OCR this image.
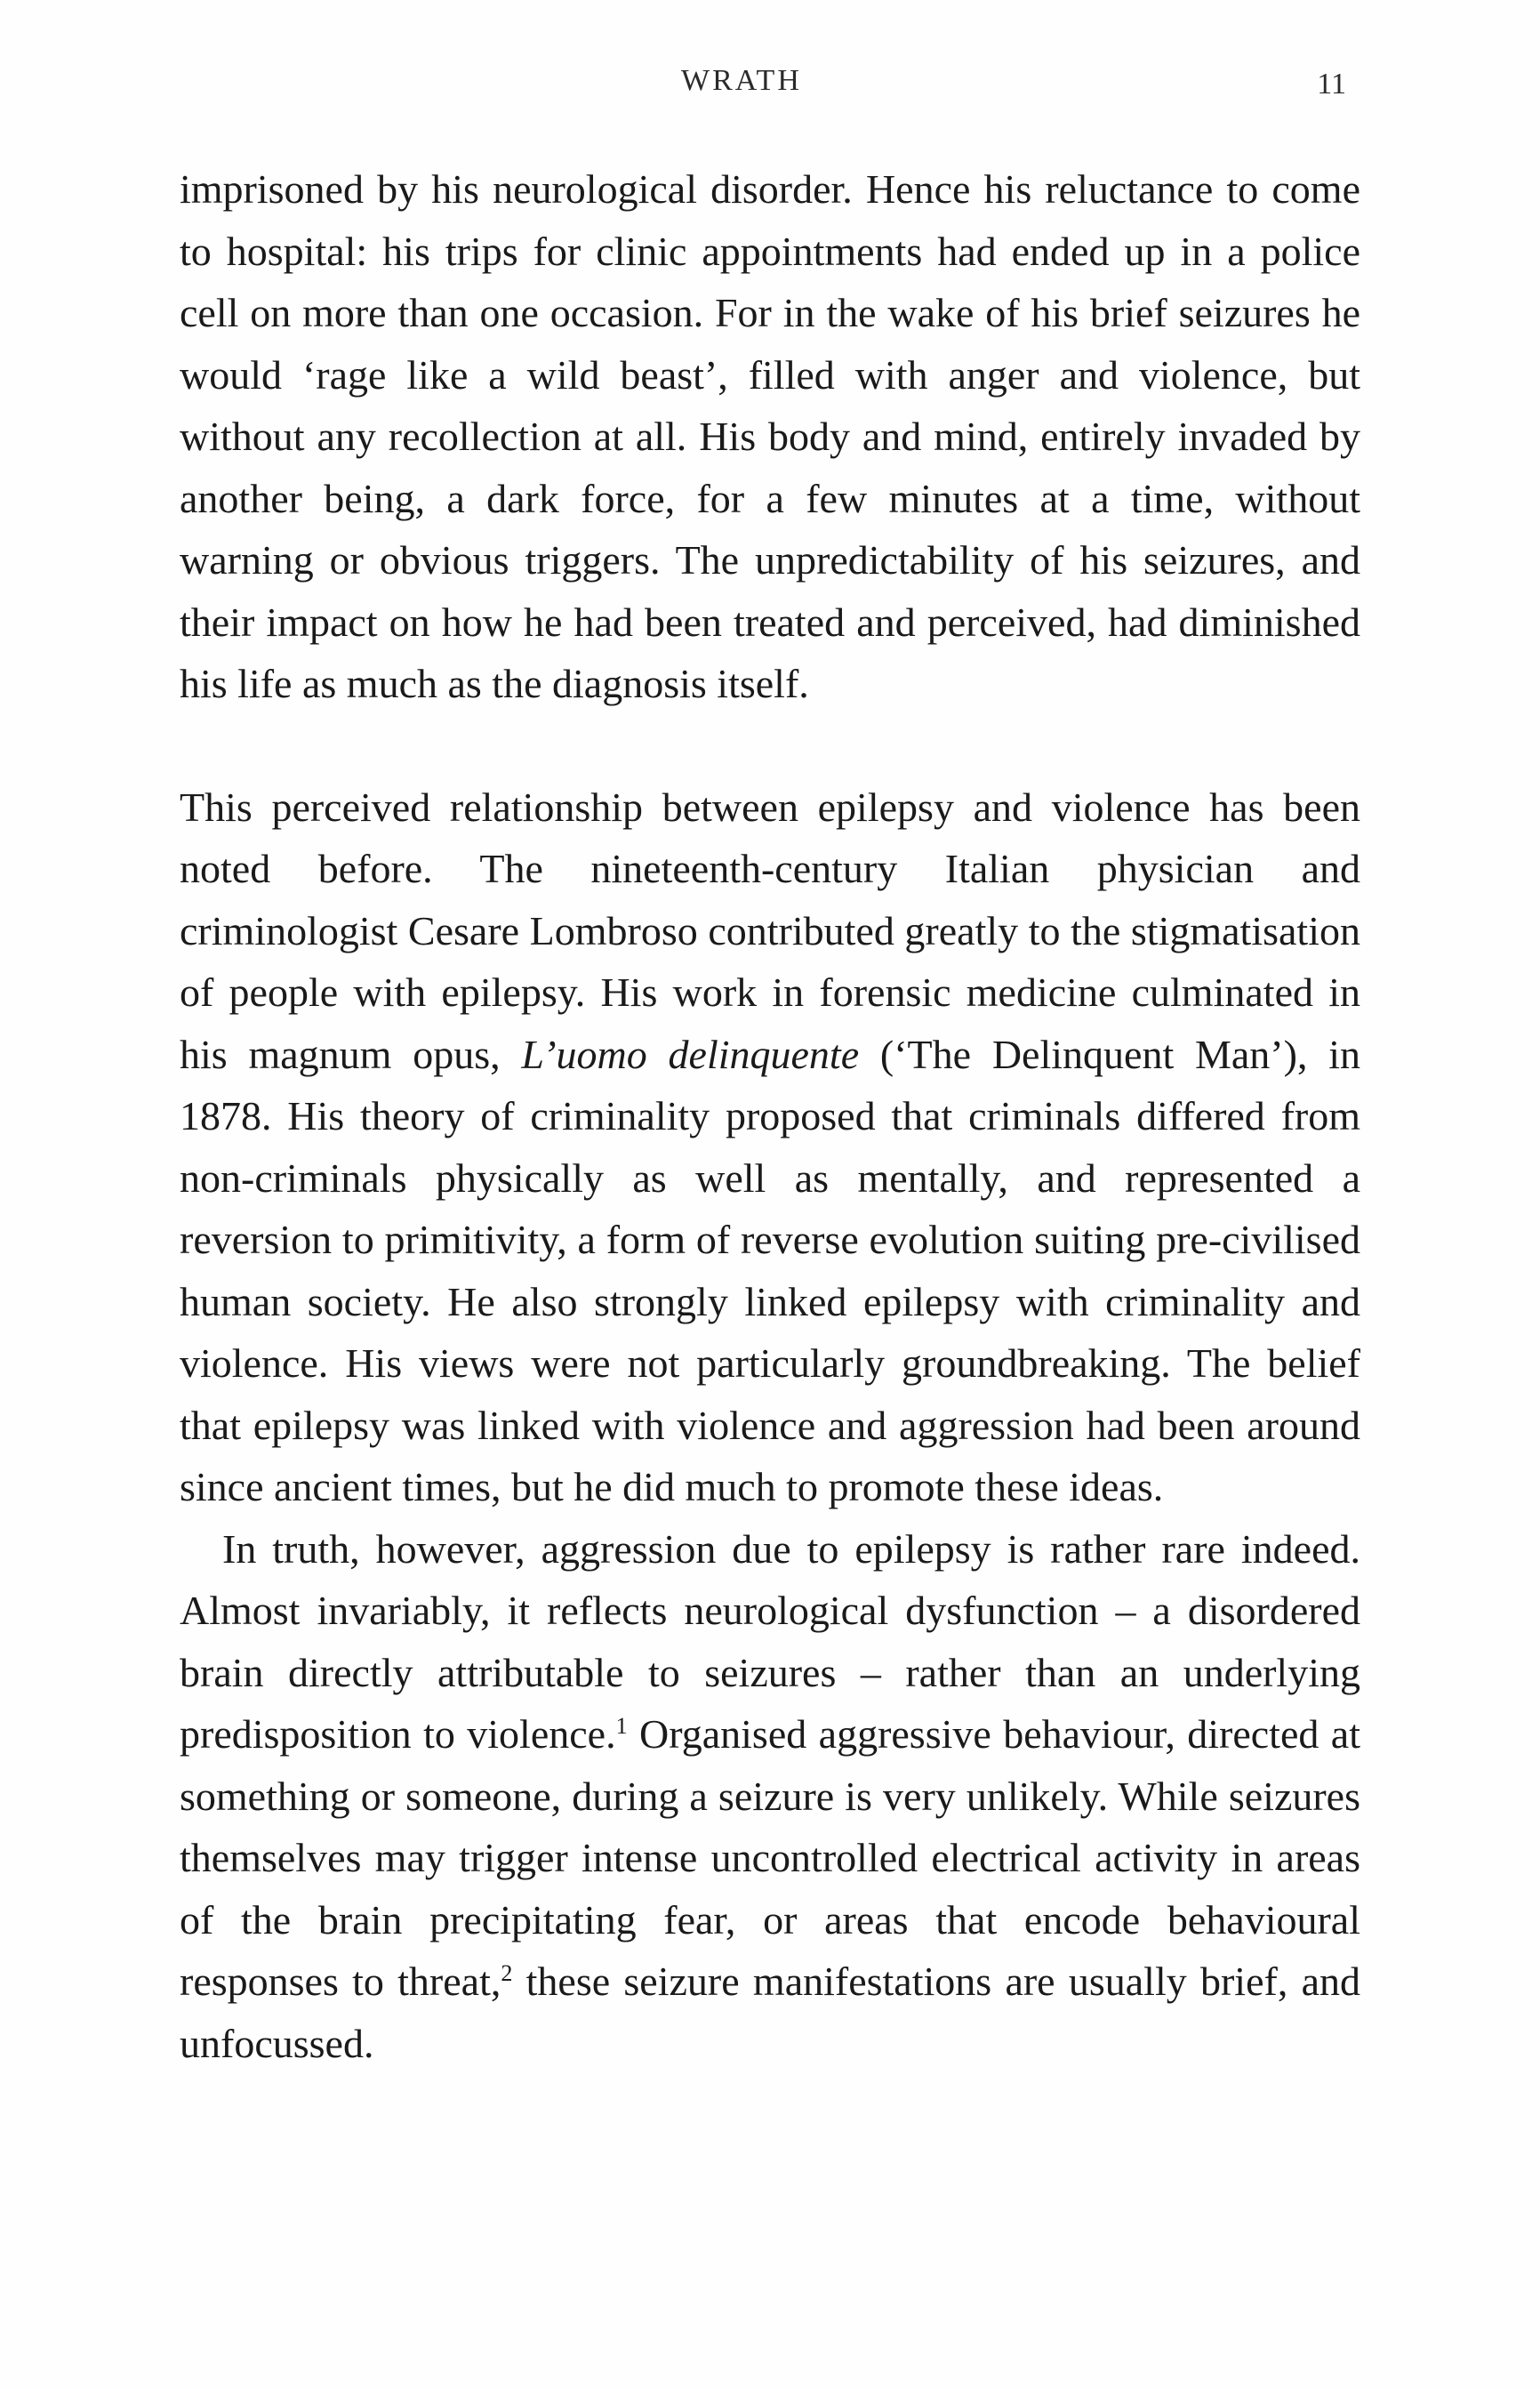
WRATH	11

imprisoned by his neurological disorder. Hence his reluctance to come to hospital: his trips for clinic appointments had ended up in a police cell on more than one occasion. For in the wake of his brief seizures he would ‘rage like a wild beast’, filled with anger and violence, but without any recollection at all. His body and mind, entirely invaded by another being, a dark force, for a few minutes at a time, without warning or obvious triggers. The unpredictability of his seizures, and their impact on how he had been treated and perceived, had diminished his life as much as the diagnosis itself.

This perceived relationship between epilepsy and violence has been noted before. The nineteenth-century Italian physician and criminologist Cesare Lombroso contributed greatly to the stigmatisation of people with epilepsy. His work in forensic medicine culminated in his magnum opus, L’uomo delinquente (‘The Delinquent Man’), in 1878. His theory of criminality proposed that criminals differed from non-criminals physically as well as mentally, and represented a reversion to primitivity, a form of reverse evolution suiting pre-civilised human society. He also strongly linked epilepsy with criminality and violence. His views were not particularly groundbreaking. The belief that epilepsy was linked with violence and aggression had been around since ancient times, but he did much to promote these ideas.

In truth, however, aggression due to epilepsy is rather rare indeed. Almost invariably, it reflects neurological dysfunction – a disordered brain directly attributable to seizures – rather than an underlying predisposition to violence.$^1$ Organised aggressive behaviour, directed at something or someone, during a seizure is very unlikely. While seizures themselves may trigger intense uncontrolled electrical activity in areas of the brain precipitating fear, or areas that encode behavioural responses to threat,$^2$ these seizure manifestations are usually brief, and unfocussed.
